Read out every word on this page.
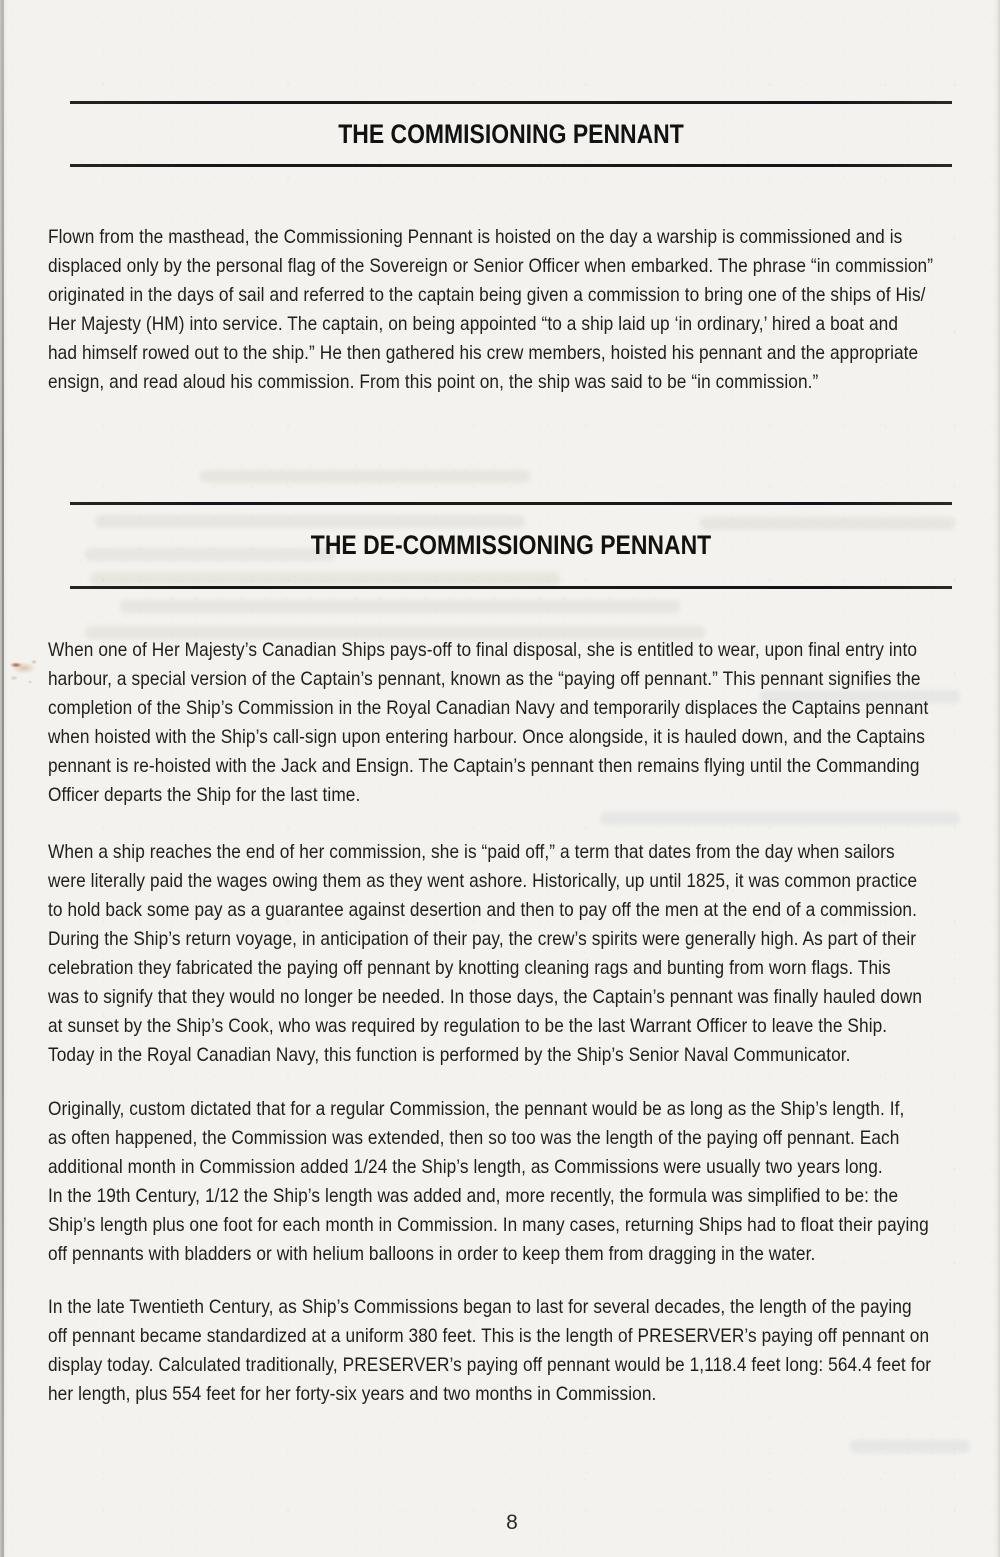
THE COMMISIONING PENNANT
Flown from the masthead, the Commissioning Pennant is hoisted on the day a warship is commissioned and is
displaced only by the personal flag of the Sovereign or Senior Officer when embarked. The phrase “in commission”
originated in the days of sail and referred to the captain being given a commission to bring one of the ships of His/
Her Majesty (HM) into service. The captain, on being appointed “to a ship laid up ‘in ordinary,’ hired a boat and
had himself rowed out to the ship.” He then gathered his crew members, hoisted his pennant and the appropriate
ensign, and read aloud his commission. From this point on, the ship was said to be “in commission.”
THE DE-COMMISSIONING PENNANT
When one of Her Majesty’s Canadian Ships pays-off to final disposal, she is entitled to wear, upon final entry into
harbour, a special version of the Captain’s pennant, known as the “paying off pennant.” This pennant signifies the
completion of the Ship’s Commission in the Royal Canadian Navy and temporarily displaces the Captains pennant
when hoisted with the Ship’s call-sign upon entering harbour. Once alongside, it is hauled down, and the Captains
pennant is re-hoisted with the Jack and Ensign. The Captain’s pennant then remains flying until the Commanding
Officer departs the Ship for the last time.
When a ship reaches the end of her commission, she is “paid off,” a term that dates from the day when sailors
were literally paid the wages owing them as they went ashore. Historically, up until 1825, it was common practice
to hold back some pay as a guarantee against desertion and then to pay off the men at the end of a commission.
During the Ship’s return voyage, in anticipation of their pay, the crew’s spirits were generally high. As part of their
celebration they fabricated the paying off pennant by knotting cleaning rags and bunting from worn flags. This
was to signify that they would no longer be needed. In those days, the Captain’s pennant was finally hauled down
at sunset by the Ship’s Cook, who was required by regulation to be the last Warrant Officer to leave the Ship.
Today in the Royal Canadian Navy, this function is performed by the Ship’s Senior Naval Communicator.
Originally, custom dictated that for a regular Commission, the pennant would be as long as the Ship’s length. If,
as often happened, the Commission was extended, then so too was the length of the paying off pennant. Each
additional month in Commission added 1/24 the Ship’s length, as Commissions were usually two years long.
In the 19th Century, 1/12 the Ship’s length was added and, more recently, the formula was simplified to be: the
Ship’s length plus one foot for each month in Commission. In many cases, returning Ships had to float their paying
off pennants with bladders or with helium balloons in order to keep them from dragging in the water.
In the late Twentieth Century, as Ship’s Commissions began to last for several decades, the length of the paying
off pennant became standardized at a uniform 380 feet. This is the length of PRESERVER’s paying off pennant on
display today. Calculated traditionally, PRESERVER’s paying off pennant would be 1,118.4 feet long: 564.4 feet for
her length, plus 554 feet for her forty-six years and two months in Commission.
8
